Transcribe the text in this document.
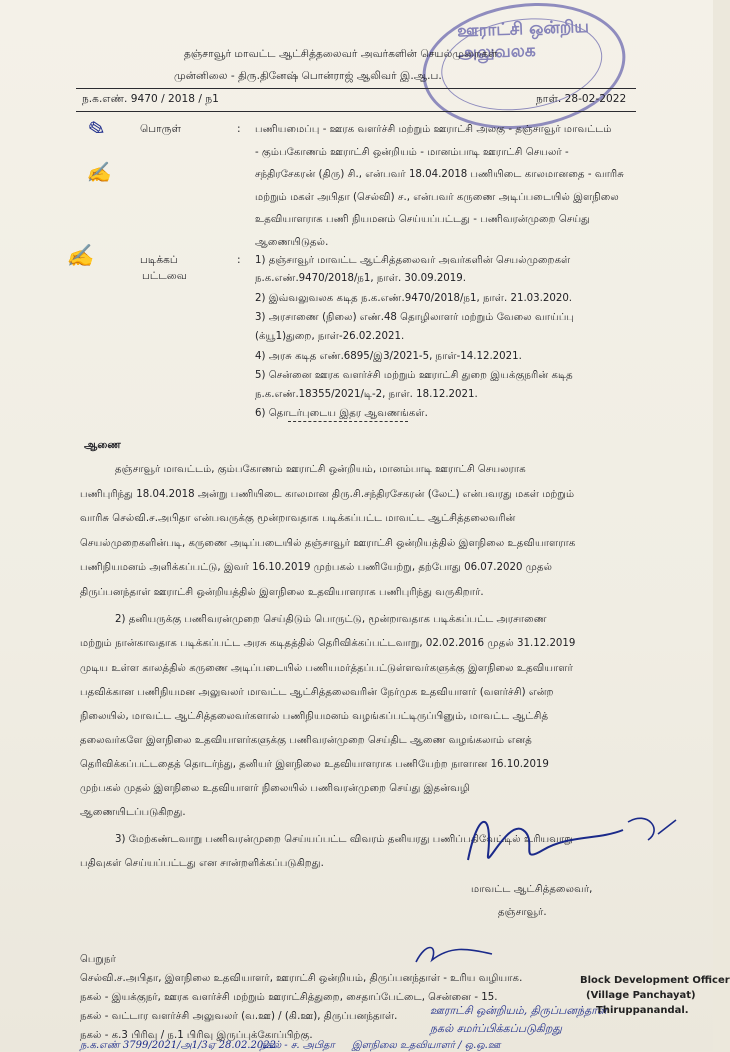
ஊராட்சி ஒன்றிய அலுவலக
தஞ்சாவூர் மாவட்ட ஆட்சித்தலைவர் அவர்களின் செயல்முறைகள்
முன்னிலை - திரு.தினேஷ் பொன்ராஜ் ஆலிவர் இ.ஆ.ப.
ந.க.எண். 9470 / 2018 / ந1	நாள். 28-02-2022
✎
✍
✍
பொருள்	: பணியமைப்பு - ஊரக வளர்ச்சி மற்றும் ஊராட்சி அலகு - தஞ்சாவூர் மாவட்டம்
- கும்பகோணம் ஊராட்சி ஒன்றியம் - மானம்பாடி ஊராட்சி செயலர் -
சந்திரசேகரன் (திரு) சி., என்பவர் 18.04.2018 பணியிடை காலமானதை - வாரிசு
மற்றும் மகள் அபிதா (செல்வி) ச., என்பவர் கருணை அடிப்படையில் இளநிலை
உதவியாளராக பணி நியமனம் செய்யப்பட்டது - பணிவரன்முறை செய்து
ஆணையிடுதல்.
படிக்கப்
பட்டவை
: 1) தஞ்சாவூர் மாவட்ட ஆட்சித்தலைவர் அவர்களின் செயல்முறைகள்
ந.க.எண்.9470/2018/ந1, நாள். 30.09.2019.
2) இவ்வலுவலக கடித ந.க.எண்.9470/2018/ந1, நாள். 21.03.2020.
3) அரசாணை (நிலை) எண்.48 தொழிலாளர் மற்றும் வேலை வாய்ப்பு
(க்யூ1)துறை, நாள்-26.02.2021.
4) அரசு கடித எண்.6895/இ3/2021-5, நாள்-14.12.2021.
5) சென்னை ஊரக வளர்ச்சி மற்றும் ஊராட்சி துறை இயக்குநரின் கடித
ந.க.எண்.18355/2021/டி-2, நாள். 18.12.2021.
6) தொடர்புடைய இதர ஆவணங்கள்.
ஆணை
தஞ்சாவூர் மாவட்டம், கும்பகோணம் ஊராட்சி ஒன்றியம், மானம்பாடி ஊராட்சி செயலராக
பணிபுரிந்து 18.04.2018 அன்று பணியிடை காலமான திரு.சி.சந்திரசேகரன் (லேட்) என்பவரது மகள் மற்றும்
வாரிசு செல்வி.ச.அபிதா என்பவருக்கு மூன்றாவதாக படிக்கப்பட்ட மாவட்ட ஆட்சித்தலைவரின்
செயல்முறைகளின்படி, கருணை அடிப்படையில் தஞ்சாவூர் ஊராட்சி ஒன்றியத்தில் இளநிலை உதவியாளராக
பணிநியமனம் அளிக்கப்பட்டு, இவர் 16.10.2019 முற்பகல் பணியேற்று, தற்போது 06.07.2020 முதல்
திருப்பனந்தாள் ஊராட்சி ஒன்றியத்தில் இளநிலை உதவியாளராக பணிபுரிந்து வருகிறார்.
2) தனியருக்கு பணிவரன்முறை செய்திடும் பொருட்டு, மூன்றாவதாக படிக்கப்பட்ட அரசாணை
மற்றும் நான்காவதாக படிக்கப்பட்ட அரசு கடிதத்தில் தெரிவிக்கப்பட்டவாறு, 02.02.2016 முதல் 31.12.2019
முடிய உள்ள காலத்தில் கருணை அடிப்படையில் பணியமர்த்தப்பட்டுள்ளவர்களுக்கு இளநிலை உதவியாளர்
பதவிக்கான பணிநியமன அலுவலர் மாவட்ட ஆட்சித்தலைவரின் நேர்முக உதவியாளர் (வளர்ச்சி) என்ற
நிலையில், மாவட்ட ஆட்சித்தலைவர்களால் பணிநியமனம் வழங்கப்பட்டிருப்பினும், மாவட்ட ஆட்சித்
தலைவர்களே இளநிலை உதவியாளர்களுக்கு பணிவரன்முறை செய்திட ஆணை வழங்கலாம் எனத்
தெரிவிக்கப்பட்டதைத் தொடர்ந்து, தனியர் இளநிலை உதவியாளராக பணியேற்ற நாளான 16.10.2019
முற்பகல் முதல் இளநிலை உதவியாளர் நிலையில் பணிவரன்முறை செய்து இதன்வழி
ஆணையிடப்படுகிறது.
3) மேற்கண்டவாறு பணிவரன்முறை செய்யப்பட்ட விவரம் தனியரது பணிப்பதிவேட்டில் உரியவாறு
பதிவுகள் செய்யப்பட்டது என சான்றளிக்கப்படுகிறது.
மாவட்ட ஆட்சித்தலைவர்,
தஞ்சாவூர்.
பெறுநர்
செல்வி.ச.அபிதா, இளநிலை உதவியாளர், ஊராட்சி ஒன்றியம், திருப்பனந்தாள் - உரிய வழியாக.
நகல் - இயக்குநர், ஊரக வளர்ச்சி மற்றும் ஊராட்சித்துறை, சைதாப்பேட்டை, சென்னை - 15.
நகல் - வட்டார வளர்ச்சி அலுவலர் (வ.ஊ) / (கி.ஊ), திருப்பனந்தாள்.
நகல் - க.3 பிரிவு / ந.1 பிரிவு இருப்புக்கோப்பிற்கு.
ஊராட்சி ஒன்றியம், திருப்பனந்தாள்
நகல் சமர்ப்பிக்கப்படுகிறது
ந.க.எண் 3799/2021/அ1/3ஏ 28.02.2022
நகல் - ச. அபிதா இளநிலை உதவியாளர் / ஒ.ஒ.ஊ
Block Development Officer
(Village Panchayat)
Thiruppanandal.
